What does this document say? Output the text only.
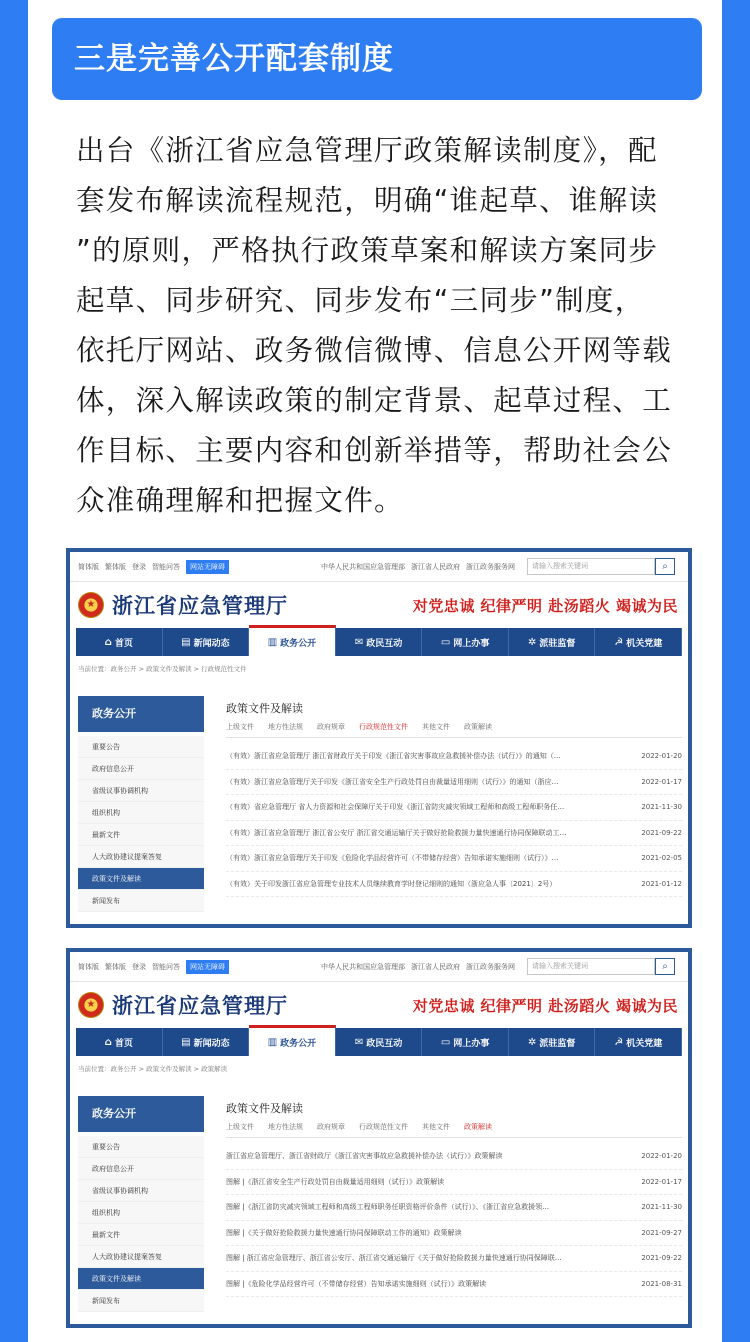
三是完善公开配套制度
出台《浙江省应急管理厅政策解读制度》，配
套发布解读流程规范，明确“谁起草、谁解读
”的原则，严格执行政策草案和解读方案同步
起草、同步研究、同步发布“三同步”制度，
依托厅网站、政务微信微博、信息公开网等载
体，深入解读政策的制定背景、起草过程、工
作目标、主要内容和创新举措等，帮助社会公
众准确理解和把握文件。
简体版 繁体版 登录 智能问答	网站无障碍	中华人民共和国应急管理部 浙江省人民政府 浙江政务服务网	请输入搜索关键词	⌕
★ 浙江省应急管理厅	对党忠诚 纪律严明 赴汤蹈火 竭诚为民
⌂ 首页	▤ 新闻动态	▥ 政务公开	✉ 政民互动	▭ 网上办事	✲ 派驻监督	☭ 机关党建
当前位置：政务公开 > 政策文件及解读 > 行政规范性文件
政务公开
重要公告
政府信息公开
省级议事协调机构
组织机构
最新文件
人大政协建议提案答复
政策文件及解读
新闻发布
政策文件及解读
上级文件 地方性法规 政府规章 行政规范性文件 其他文件 政策解读
（有效）浙江省应急管理厅 浙江省财政厅关于印发《浙江省灾害事故应急救援补偿办法（试行）》的通知（…	2022-01-20
（有效）浙江省应急管理厅关于印发《浙江省安全生产行政处罚自由裁量适用细则（试行）》的通知（浙应…	2022-01-17
（有效）省应急管理厅 省人力资源和社会保障厅关于印发《浙江省防灾减灾领域工程师和高级工程师职务任…	2021-11-30
（有效）浙江省应急管理厅 浙江省公安厅 浙江省交通运输厅关于做好抢险救援力量快速通行协同保障联动工…	2021-09-22
（有效）浙江省应急管理厅关于印发《危险化学品经营许可（不带储存经营）告知承诺实施细则（试行）》…	2021-02-05
（有效）关于印发浙江省应急管理专业技术人员继续教育学时登记细则的通知（浙应急人事〔2021〕2号）	2021-01-12
简体版 繁体版 登录 智能问答	网站无障碍	中华人民共和国应急管理部 浙江省人民政府 浙江政务服务网	请输入搜索关键词	⌕
★ 浙江省应急管理厅	对党忠诚 纪律严明 赴汤蹈火 竭诚为民
⌂ 首页	▤ 新闻动态	▥ 政务公开	✉ 政民互动	▭ 网上办事	✲ 派驻监督	☭ 机关党建
当前位置：政务公开 > 政策文件及解读 > 政策解读
政务公开
重要公告
政府信息公开
省级议事协调机构
组织机构
最新文件
人大政协建议提案答复
政策文件及解读
新闻发布
政策文件及解读
上级文件 地方性法规 政府规章 行政规范性文件 其他文件 政策解读
浙江省应急管理厅、浙江省财政厅《浙江省灾害事故应急救援补偿办法（试行）》政策解读	2022-01-20
图解 |《浙江省安全生产行政处罚自由裁量适用细则（试行）》政策解读	2022-01-17
图解 |《浙江省防灾减灾领域工程师和高级工程师职务任职资格评价条件（试行）》、《浙江省应急救援领…	2021-11-30
图解 |《关于做好抢险救援力量快速通行协同保障联动工作的通知》政策解读	2021-09-27
图解 | 浙江省应急管理厅、浙江省公安厅、浙江省交通运输厅《关于做好抢险救援力量快速通行协同保障联…	2021-09-22
图解 |《危险化学品经营许可（不带储存经营）告知承诺实施细则（试行）》政策解读	2021-08-31
